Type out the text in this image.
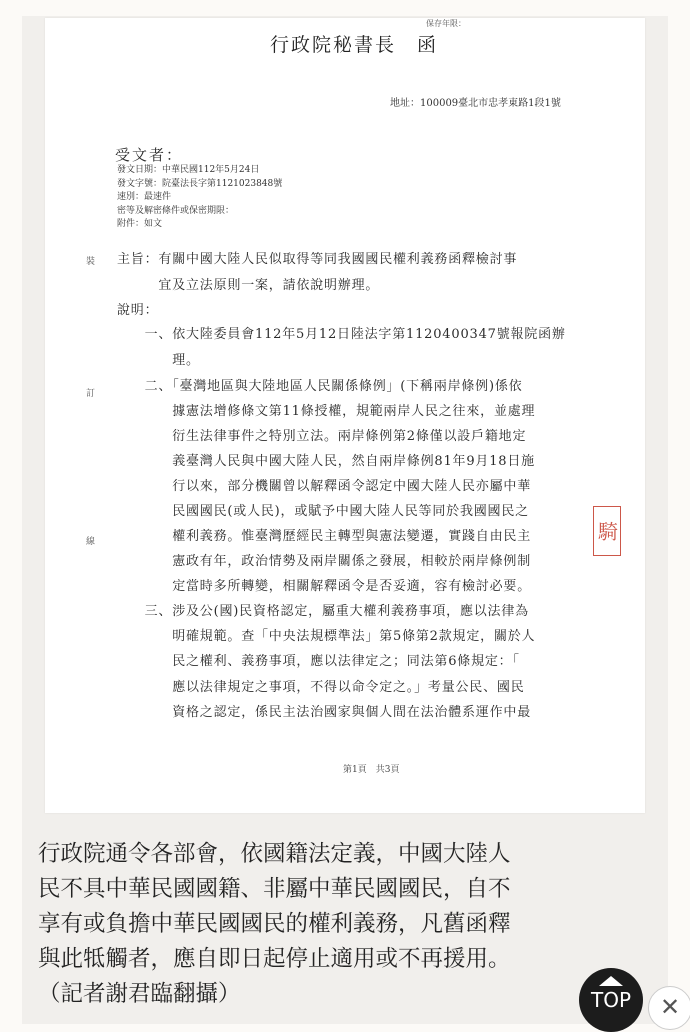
保存年限：
行政院秘書長　函
地址：100009臺北市忠孝東路1段1號
受文者：
發文日期：中華民國112年5月24日
發文字號：院臺法長字第1121023848號
速別：最速件
密等及解密條件或保密期限：
附件：如文
裝
訂
線
主旨：有關中國大陸人民似取得等同我國國民權利義務函釋檢討事
　　　宜及立法原則一案，請依說明辦理。
說明：
　　一、依大陸委員會112年5月12日陸法字第1120400347號報院函辦
　　　　理。
　　二、「臺灣地區與大陸地區人民關係條例」(下稱兩岸條例)係依
　　　　據憲法增修條文第11條授權，規範兩岸人民之往來，並處理
　　　　衍生法律事件之特別立法。兩岸條例第2條僅以設戶籍地定
　　　　義臺灣人民與中國大陸人民，然自兩岸條例81年9月18日施
　　　　行以來，部分機關曾以解釋函令認定中國大陸人民亦屬中華
　　　　民國國民(或人民)，或賦予中國大陸人民等同於我國國民之
　　　　權利義務。惟臺灣歷經民主轉型與憲法變遷，實踐自由民主
　　　　憲政有年，政治情勢及兩岸關係之發展，相較於兩岸條例制
　　　　定當時多所轉變，相關解釋函令是否妥適，容有檢討必要。
　　三、涉及公(國)民資格認定，屬重大權利義務事項，應以法律為
　　　　明確規範。查「中央法規標準法」第5條第2款規定，關於人
　　　　民之權利、義務事項，應以法律定之；同法第6條規定：「
　　　　應以法律規定之事項，不得以命令定之。」考量公民、國民
　　　　資格之認定，係民主法治國家與個人間在法治體系運作中最
騎
第1頁　共3頁

行政院通令各部會，依國籍法定義，中國大陸人

民不具中華民國國籍、非屬中華民國國民，自不

享有或負擔中華民國國民的權利義務，凡舊函釋

與此牴觸者，應自即日起停止適用或不再援用。

（記者謝君臨翻攝）	TOP	✕
